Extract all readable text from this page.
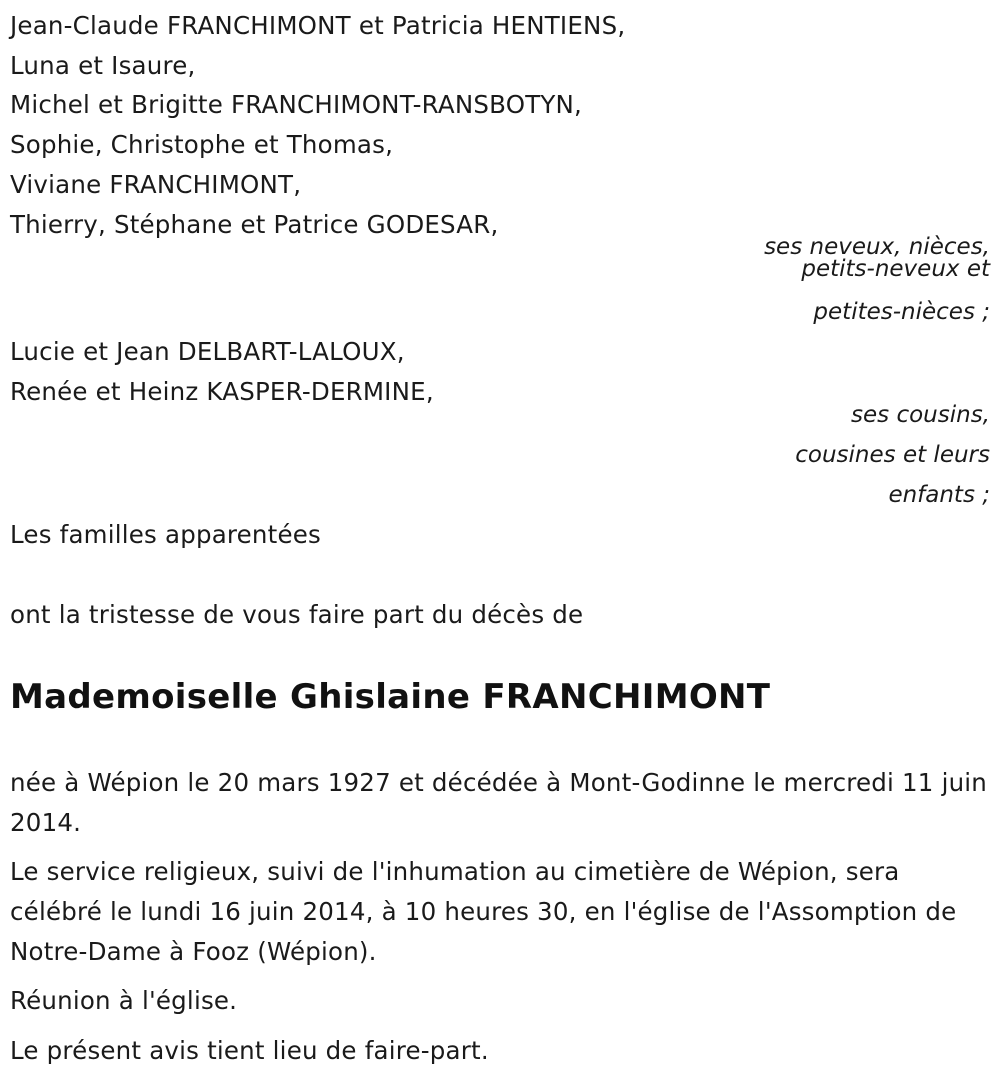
Jean-Claude FRANCHIMONT et Patricia HENTIENS,
Luna et Isaure,
Michel et Brigitte FRANCHIMONT-RANSBOTYN,
Sophie, Christophe et Thomas,
Viviane FRANCHIMONT,
Thierry, Stéphane et Patrice GODESAR,
ses neveux, nièces,
petits-neveux et
petites-nièces ;
Lucie et Jean DELBART-LALOUX,
Renée et Heinz KASPER-DERMINE,
ses cousins,
cousines et leurs
enfants ;
Les familles apparentées
ont la tristesse de vous faire part du décès de
Mademoiselle Ghislaine FRANCHIMONT
née à Wépion le 20 mars 1927 et décédée à Mont-Godinne le mercredi 11 juin 2014.
Le service religieux, suivi de l'inhumation au cimetière de Wépion, sera célébré le lundi 16 juin 2014, à 10 heures 30, en l'église de l'Assomption de Notre-Dame à Fooz (Wépion).
Réunion à l'église.
Le présent avis tient lieu de faire-part.
